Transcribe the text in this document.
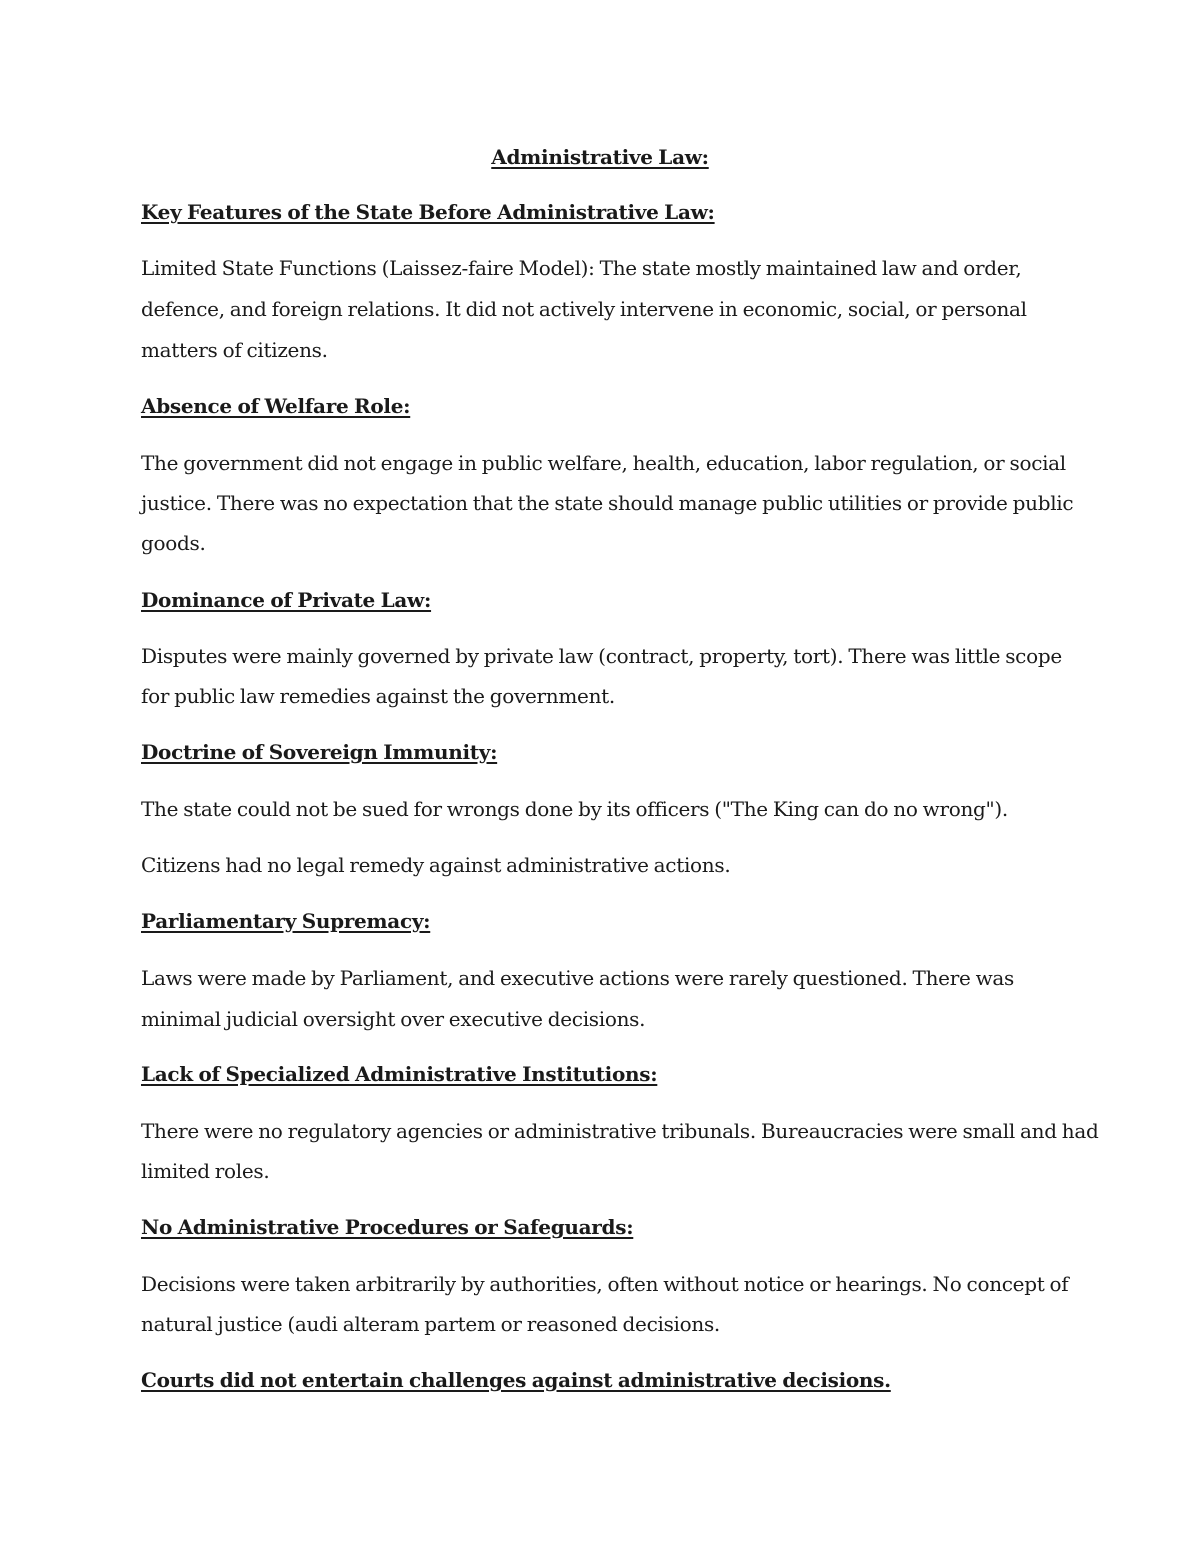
Administrative Law:

Key Features of the State Before Administrative Law:

Limited State Functions (Laissez-faire Model): The state mostly maintained law and order,

defence, and foreign relations. It did not actively intervene in economic, social, or personal

matters of citizens.

Absence of Welfare Role:

The government did not engage in public welfare, health, education, labor regulation, or social

justice. There was no expectation that the state should manage public utilities or provide public

goods.

Dominance of Private Law:

Disputes were mainly governed by private law (contract, property, tort). There was little scope

for public law remedies against the government.

Doctrine of Sovereign Immunity:

The state could not be sued for wrongs done by its officers ("The King can do no wrong").

Citizens had no legal remedy against administrative actions.

Parliamentary Supremacy:

Laws were made by Parliament, and executive actions were rarely questioned. There was

minimal judicial oversight over executive decisions.

Lack of Specialized Administrative Institutions:

There were no regulatory agencies or administrative tribunals. Bureaucracies were small and had

limited roles.

No Administrative Procedures or Safeguards:

Decisions were taken arbitrarily by authorities, often without notice or hearings. No concept of

natural justice (audi alteram partem or reasoned decisions.

Courts did not entertain challenges against administrative decisions.
